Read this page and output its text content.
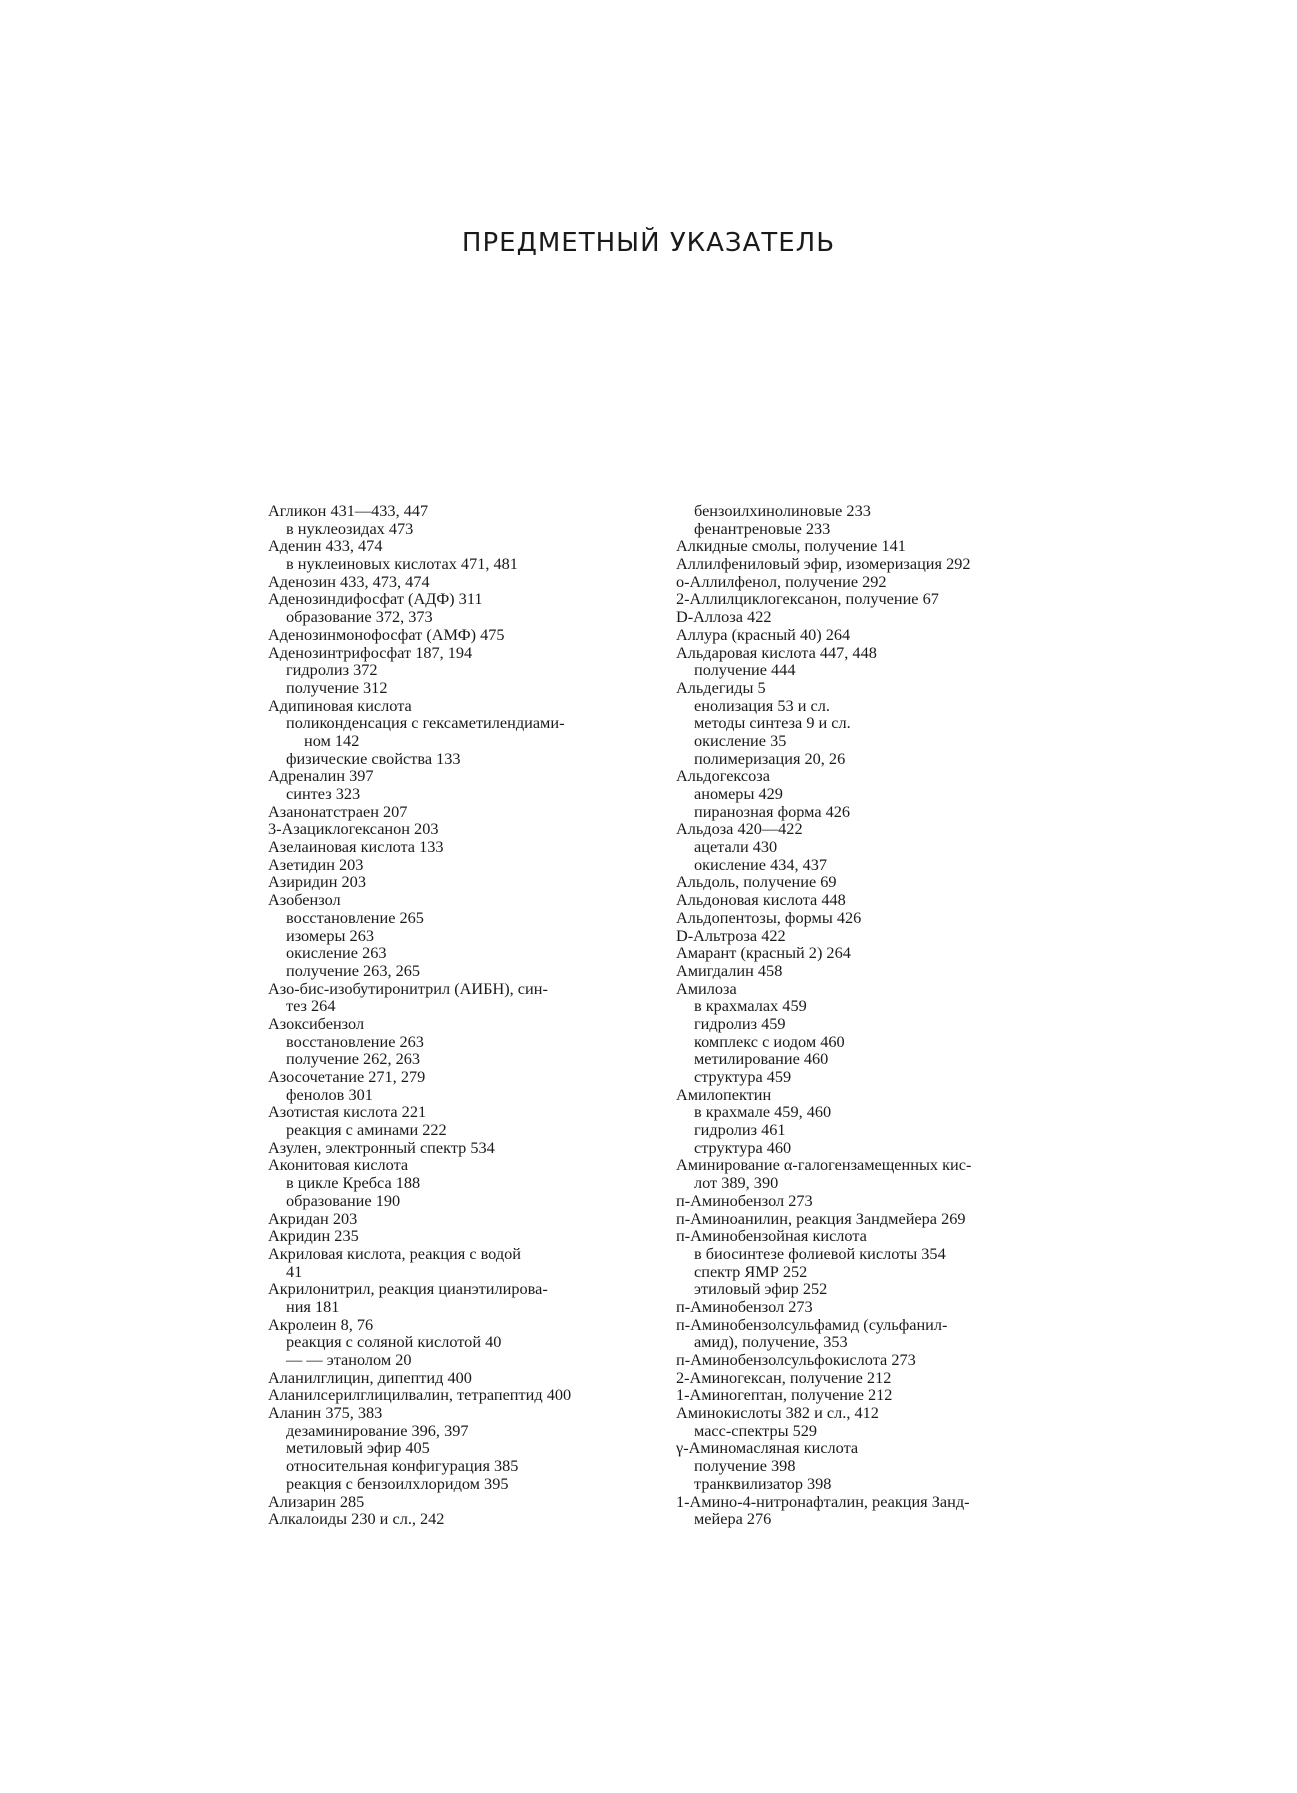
ПРЕДМЕТНЫЙ УКАЗАТЕЛЬ
Агликон 431—433, 447
в нуклеозидах 473
Аденин 433, 474
в нуклеиновых кислотах 471, 481
Аденозин 433, 473, 474
Аденозиндифосфат (АДФ) 311
образование 372, 373
Аденозинмонофосфат (АМФ) 475
Аденозинтрифосфат 187, 194
гидролиз 372
получение 312
Адипиновая кислота
поликонденсация с гексаметилендиами-
ном 142
физические свойства 133
Адреналин 397
синтез 323
Азанонатстраен 207
3-Азациклогексанон 203
Азелаиновая кислота 133
Азетидин 203
Азиридин 203
Азобензол
восстановление 265
изомеры 263
окисление 263
получение 263, 265
Азо-бис-изобутиронитрил (АИБН), син-
тез 264
Азоксибензол
восстановление 263
получение 262, 263
Азосочетание 271, 279
фенолов 301
Азотистая кислота 221
реакция с аминами 222
Азулен, электронный спектр 534
Аконитовая кислота
в цикле Кребса 188
образование 190
Акридан 203
Акридин 235
Акриловая кислота, реакция с водой
41
Акрилонитрил, реакция цианэтилирова-
ния 181
Акролеин 8, 76
реакция с соляной кислотой 40
— — этанолом 20
Аланилглицин, дипептид 400
Аланилсерилглицилвалин, тетрапептид 400
Аланин 375, 383
дезаминирование 396, 397
метиловый эфир 405
относительная конфигурация 385
реакция с бензоилхлоридом 395
Ализарин 285
Алкалоиды 230 и сл., 242
бензоилхинолиновые 233
фенантреновые 233
Алкидные смолы, получение 141
Аллилфениловый эфир, изомеризация 292
о-Аллилфенол, получение 292
2-Аллилциклогексанон, получение 67
D-Аллоза 422
Аллура (красный 40) 264
Альдаровая кислота 447, 448
получение 444
Альдегиды 5
енолизация 53 и сл.
методы синтеза 9 и сл.
окисление 35
полимеризация 20, 26
Альдогексоза
аномеры 429
пиранозная форма 426
Альдоза 420—422
ацетали 430
окисление 434, 437
Альдоль, получение 69
Альдоновая кислота 448
Альдопентозы, формы 426
D-Альтроза 422
Амарант (красный 2) 264
Амигдалин 458
Амилоза
в крахмалах 459
гидролиз 459
комплекс с иодом 460
метилирование 460
структура 459
Амилопектин
в крахмале 459, 460
гидролиз 461
структура 460
Аминирование α-галогензамещенных кис-
лот 389, 390
п-Аминобензол 273
п-Аминоанилин, реакция Зандмейера 269
п-Аминобензойная кислота
в биосинтезе фолиевой кислоты 354
спектр ЯМР 252
этиловый эфир 252
п-Аминобензол 273
п-Аминобензолсульфамид (сульфанил-
амид), получение, 353
п-Аминобензолсульфокислота 273
2-Аминогексан, получение 212
1-Аминогептан, получение 212
Аминокислоты 382 и сл., 412
масс-спектры 529
γ-Аминомасляная кислота
получение 398
транквилизатор 398
1-Амино-4-нитронафталин, реакция Занд-
мейера 276
